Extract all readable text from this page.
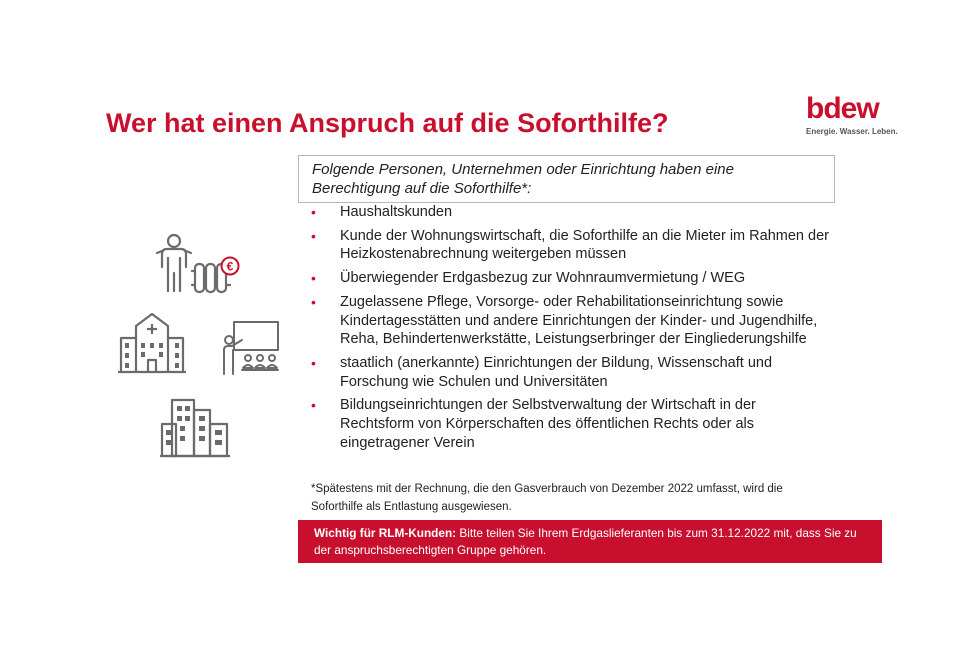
Wer hat einen Anspruch auf die Soforthilfe?	bdew
Energie. Wasser. Leben.
€
Folgende Personen, Unternehmen oder Einrichtung haben eine Berechtigung auf die Soforthilfe*:
• Haushaltskunden
• Kunde der Wohnungswirtschaft, die Soforthilfe an die Mieter im Rahmen der Heizkostenabrechnung weitergeben müssen
• Überwiegender Erdgasbezug zur Wohnraumvermietung / WEG
• Zugelassene Pflege, Vorsorge- oder Rehabilitationseinrichtung sowie Kindertagesstätten und andere Einrichtungen der Kinder- und Jugendhilfe, Reha, Behindertenwerkstätte, Leistungserbringer der Eingliederungshilfe
• staatlich (anerkannte) Einrichtungen der Bildung, Wissenschaft und Forschung wie Schulen und Universitäten
• Bildungseinrichtungen der Selbstverwaltung der Wirtschaft in der Rechtsform von Körperschaften des öffentlichen Rechts oder als eingetragener Verein
*Spätestens mit der Rechnung, die den Gasverbrauch von Dezember 2022 umfasst, wird die Soforthilfe als Entlastung ausgewiesen.
Wichtig für RLM-Kunden: Bitte teilen Sie Ihrem Erdgaslieferanten bis zum 31.12.2022 mit, dass Sie zu der anspruchsberechtigten Gruppe gehören.
